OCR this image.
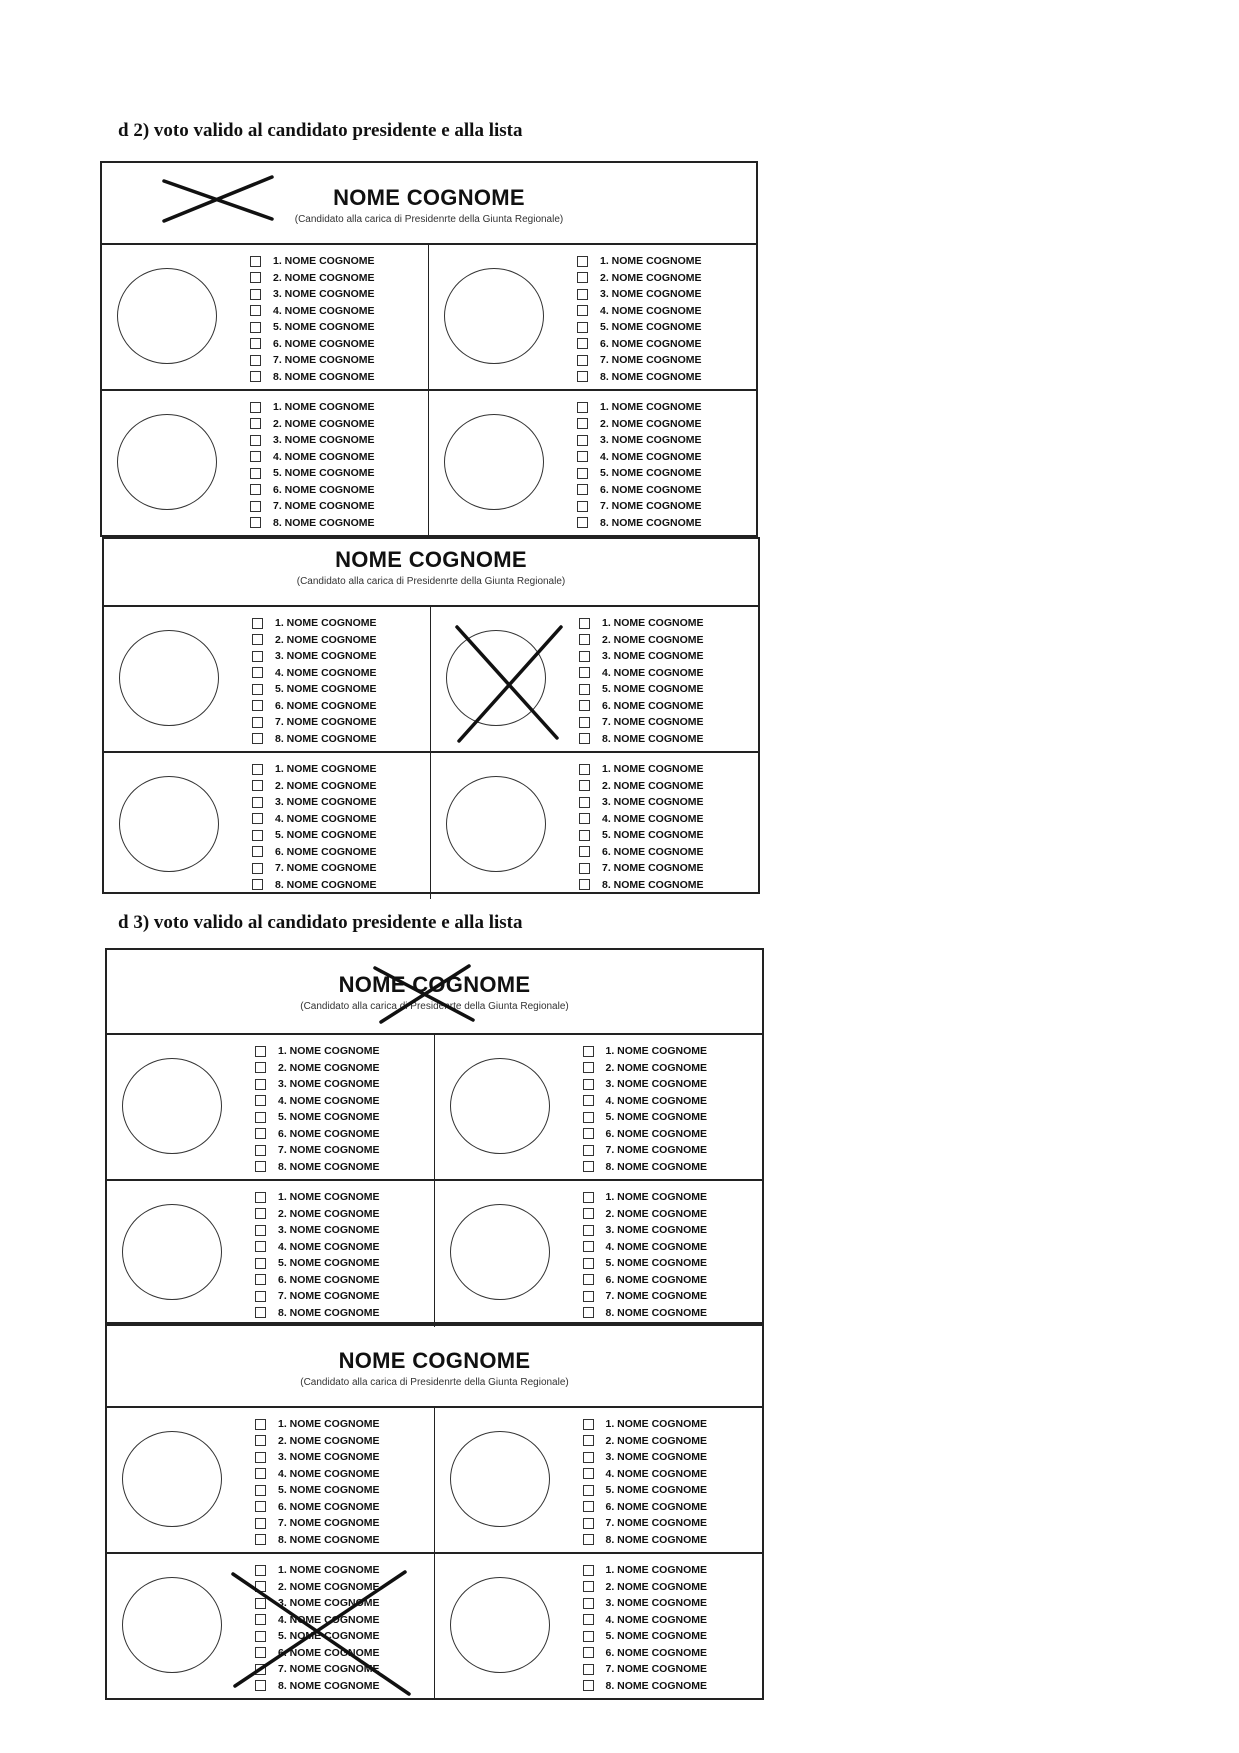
d 2) voto valido al candidato presidente e alla lista
NOME COGNOME
(Candidato alla carica di Presidenrte della Giunta Regionale)
1. NOME COGNOME
2. NOME COGNOME
3. NOME COGNOME
4. NOME COGNOME
5. NOME COGNOME
6. NOME COGNOME
7. NOME COGNOME
8. NOME COGNOME
1. NOME COGNOME
2. NOME COGNOME
3. NOME COGNOME
4. NOME COGNOME
5. NOME COGNOME
6. NOME COGNOME
7. NOME COGNOME
8. NOME COGNOME
1. NOME COGNOME
2. NOME COGNOME
3. NOME COGNOME
4. NOME COGNOME
5. NOME COGNOME
6. NOME COGNOME
7. NOME COGNOME
8. NOME COGNOME
1. NOME COGNOME
2. NOME COGNOME
3. NOME COGNOME
4. NOME COGNOME
5. NOME COGNOME
6. NOME COGNOME
7. NOME COGNOME
8. NOME COGNOME
NOME COGNOME
(Candidato alla carica di Presidenrte della Giunta Regionale)
1. NOME COGNOME
2. NOME COGNOME
3. NOME COGNOME
4. NOME COGNOME
5. NOME COGNOME
6. NOME COGNOME
7. NOME COGNOME
8. NOME COGNOME
1. NOME COGNOME
2. NOME COGNOME
3. NOME COGNOME
4. NOME COGNOME
5. NOME COGNOME
6. NOME COGNOME
7. NOME COGNOME
8. NOME COGNOME
1. NOME COGNOME
2. NOME COGNOME
3. NOME COGNOME
4. NOME COGNOME
5. NOME COGNOME
6. NOME COGNOME
7. NOME COGNOME
8. NOME COGNOME
1. NOME COGNOME
2. NOME COGNOME
3. NOME COGNOME
4. NOME COGNOME
5. NOME COGNOME
6. NOME COGNOME
7. NOME COGNOME
8. NOME COGNOME
d 3) voto valido al candidato presidente e alla lista
NOME COGNOME
(Candidato alla carica di Presidenrte della Giunta Regionale)
1. NOME COGNOME
2. NOME COGNOME
3. NOME COGNOME
4. NOME COGNOME
5. NOME COGNOME
6. NOME COGNOME
7. NOME COGNOME
8. NOME COGNOME
1. NOME COGNOME
2. NOME COGNOME
3. NOME COGNOME
4. NOME COGNOME
5. NOME COGNOME
6. NOME COGNOME
7. NOME COGNOME
8. NOME COGNOME
1. NOME COGNOME
2. NOME COGNOME
3. NOME COGNOME
4. NOME COGNOME
5. NOME COGNOME
6. NOME COGNOME
7. NOME COGNOME
8. NOME COGNOME
1. NOME COGNOME
2. NOME COGNOME
3. NOME COGNOME
4. NOME COGNOME
5. NOME COGNOME
6. NOME COGNOME
7. NOME COGNOME
8. NOME COGNOME
NOME COGNOME
(Candidato alla carica di Presidenrte della Giunta Regionale)
1. NOME COGNOME
2. NOME COGNOME
3. NOME COGNOME
4. NOME COGNOME
5. NOME COGNOME
6. NOME COGNOME
7. NOME COGNOME
8. NOME COGNOME
1. NOME COGNOME
2. NOME COGNOME
3. NOME COGNOME
4. NOME COGNOME
5. NOME COGNOME
6. NOME COGNOME
7. NOME COGNOME
8. NOME COGNOME
1. NOME COGNOME
2. NOME COGNOME
3. NOME COGNOME
4. NOME COGNOME
5. NOME COGNOME
6. NOME COGNOME
7. NOME COGNOME
8. NOME COGNOME
1. NOME COGNOME
2. NOME COGNOME
3. NOME COGNOME
4. NOME COGNOME
5. NOME COGNOME
6. NOME COGNOME
7. NOME COGNOME
8. NOME COGNOME
